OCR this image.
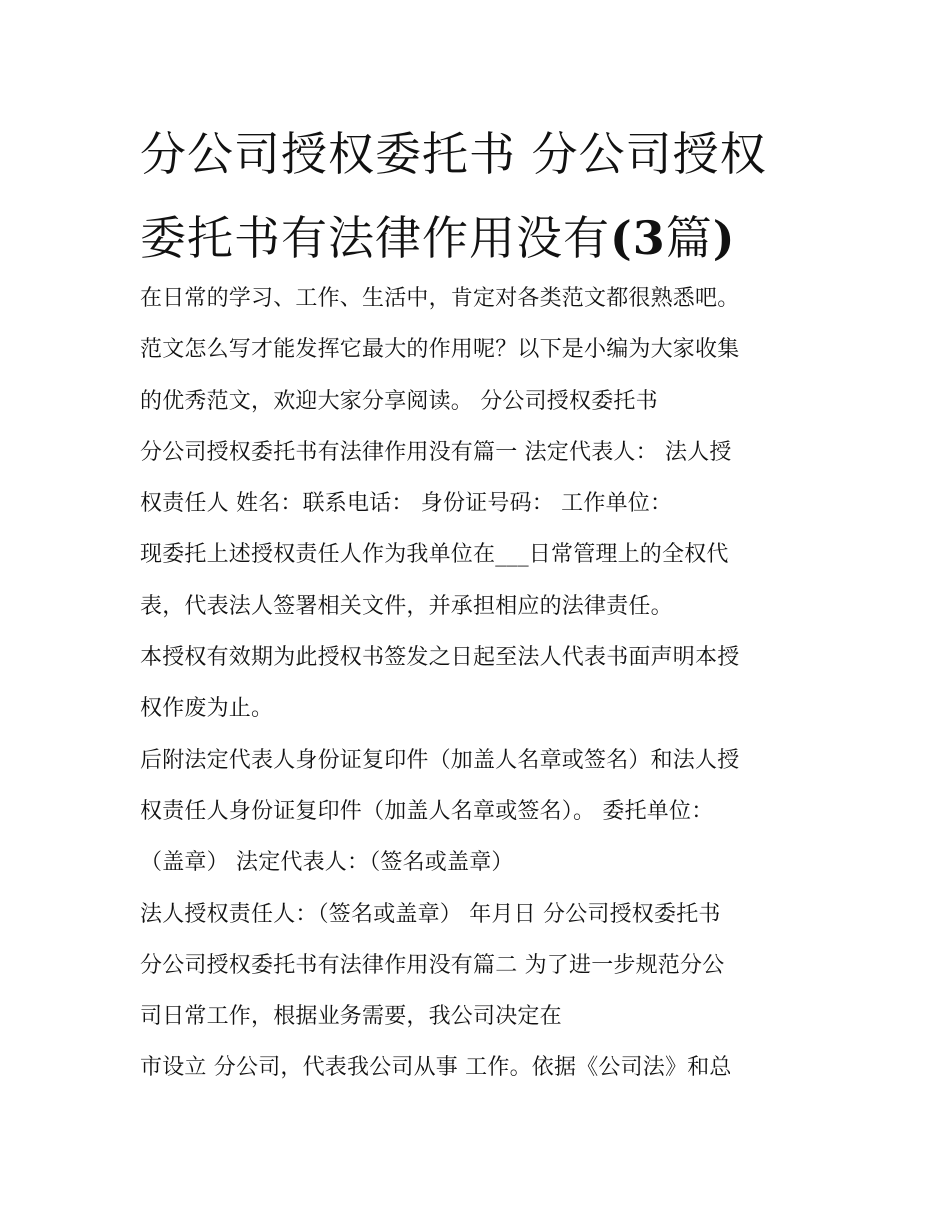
分公司授权委托书 分公司授权
委托书有法律作用没有(3篇)
在日常的学习、工作、生活中，肯定对各类范文都很熟悉吧。
范文怎么写才能发挥它最大的作用呢？以下是小编为大家收集
的优秀范文，欢迎大家分享阅读。 分公司授权委托书
分公司授权委托书有法律作用没有篇一 法定代表人： 法人授
权责任人 姓名：联系电话： 身份证号码： 工作单位：
现委托上述授权责任人作为我单位在___日常管理上的全权代
表，代表法人签署相关文件，并承担相应的法律责任。
本授权有效期为此授权书签发之日起至法人代表书面声明本授
权作废为止。
后附法定代表人身份证复印件（加盖人名章或签名）和法人授
权责任人身份证复印件（加盖人名章或签名）。 委托单位：
（盖章） 法定代表人：（签名或盖章）
法人授权责任人：（签名或盖章） 年月日 分公司授权委托书
分公司授权委托书有法律作用没有篇二 为了进一步规范分公
司日常工作，根据业务需要，我公司决定在
市设立 分公司，代表我公司从事 工作。依据《公司法》和总
